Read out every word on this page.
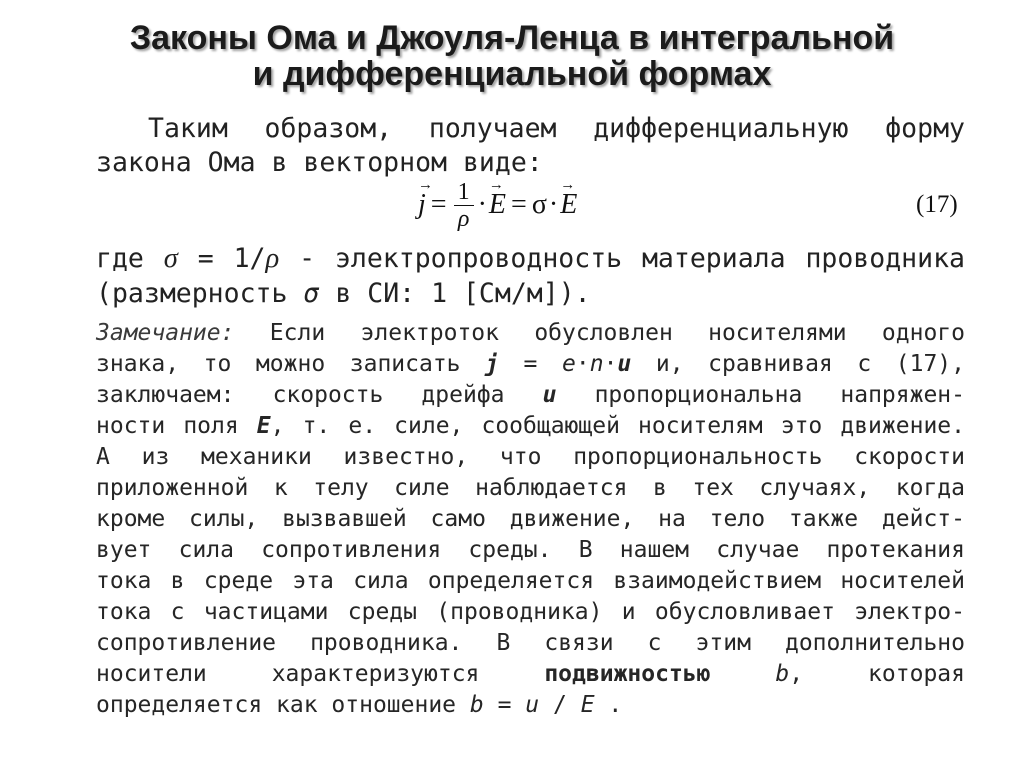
Законы Ома и Джоуля-Ленца в интегральной
и дифференциальной формах
Таким образом, получаем дифференциальную форму
закона Ома в векторном виде:
→ $j = \frac{1}{\rho}$ · → E = σ · → E	(17)
где σ = 1/ρ - электропроводность материала проводника
(размерность σ в СИ: 1 [См/м]).
Замечание: Если электроток обусловлен носителями одного
знака, то можно записать j = e·n·u и, сравнивая с (17),
заключаем: скорость дрейфа u пропорциональна напряжен-
ности поля E, т. е. силе, сообщающей носителям это движение.
А из механики известно, что пропорциональность скорости
приложенной к телу силе наблюдается в тех случаях, когда
кроме силы, вызвавшей само движение, на тело также дейст-
вует сила сопротивления среды. В нашем случае протекания
тока в среде эта сила определяется взаимодействием носителей
тока с частицами среды (проводника) и обусловливает электро-
сопротивление проводника. В связи с этим дополнительно
носители характеризуются подвижностью	b, которая
определяется как отношение b = u / E .
